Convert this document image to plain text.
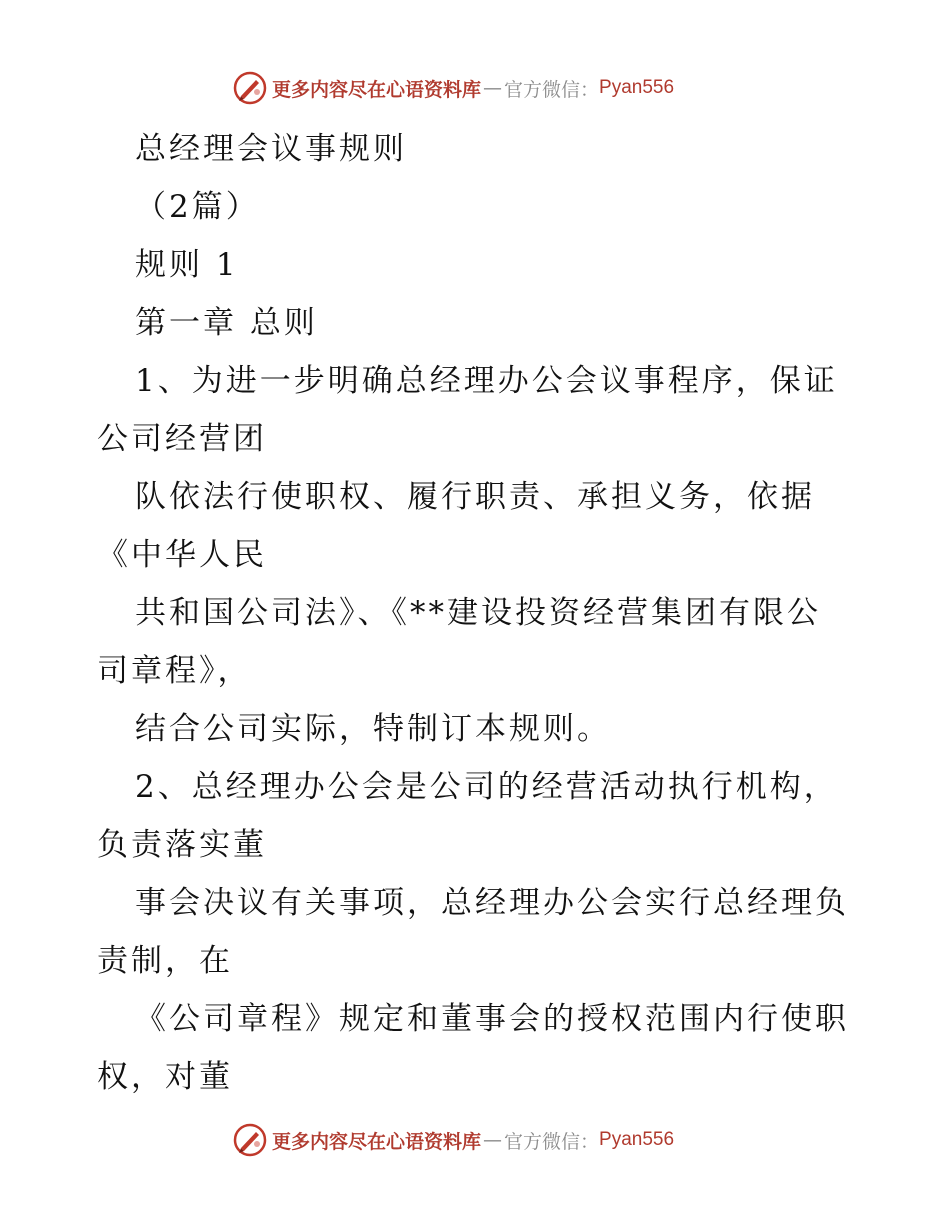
更多内容尽在心语资料库 — 官方微信： Pyan556
总经理会议事规则
（2篇）
规则 1
第一章 总则
1、为进一步明确总经理办公会议事程序，保证
公司经营团
队依法行使职权、履行职责、承担义务，依据
《中华人民
共和国公司法》、《**建设投资经营集团有限公
司章程》，
结合公司实际，特制订本规则。
2、总经理办公会是公司的经营活动执行机构，
负责落实董
事会决议有关事项，总经理办公会实行总经理负
责制，在
《公司章程》规定和董事会的授权范围内行使职
权，对董
更多内容尽在心语资料库 — 官方微信： Pyan556
